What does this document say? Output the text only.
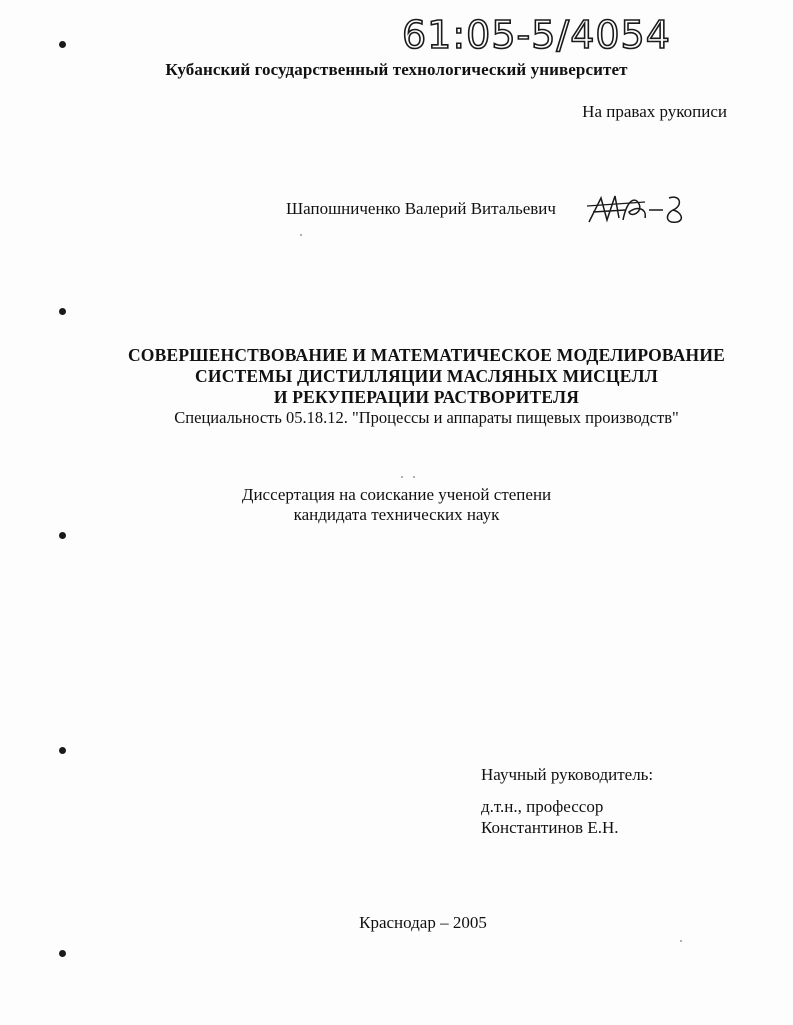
61:05-5/4054
Кубанский государственный технологический университет
На правах рукописи
Шапошниченко Валерий Витальевич
СОВЕРШЕНСТВОВАНИЕ И МАТЕМАТИЧЕСКОЕ МОДЕЛИРОВАНИЕ
СИСТЕМЫ ДИСТИЛЛЯЦИИ МАСЛЯНЫХ МИСЦЕЛЛ
И РЕКУПЕРАЦИИ РАСТВОРИТЕЛЯ
Специальность 05.18.12. "Процессы и аппараты пищевых производств"
Диссертация на соискание ученой степени
кандидата технических наук
Научный руководитель:
д.т.н., профессор
Константинов Е.Н.
Краснодар – 2005
